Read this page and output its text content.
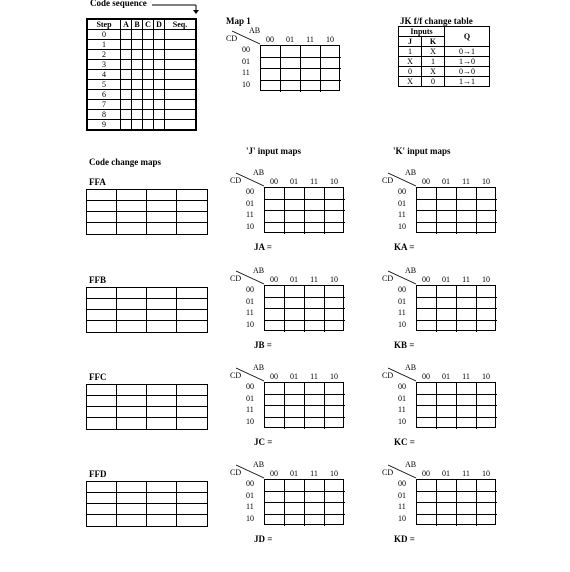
Code sequence
Step	A	B	C	D	Seq.
0					
1					
2					
3					
4					
5					
6					
7					
8					
9					
Map 1
AB
CD	00	01	11	10
00
01
11
10
JK f/f change table
Inputs		Q
J	K	
1	X	0→1
X	1	1→0
0	X	0→0
X	0	1→1
Code change maps
'J' input maps	'K' input maps
FFA
AB
CD	00	01	11	10
00
01
11
10
AB
CD	00	01	11	10
00
01
11
10
JA =	KA =
FFB
AB
CD	00	01	11	10
00
01
11
10
AB
CD	00	01	11	10
00
01
11
10
JB =	KB =
FFC
AB
CD	00	01	11	10
00
01
11
10
AB
CD	00	01	11	10
00
01
11
10
JC =	KC =
FFD
AB
CD	00	01	11	10
00
01
11
10
AB
CD	00	01	11	10
00
01
11
10
JD =	KD =
